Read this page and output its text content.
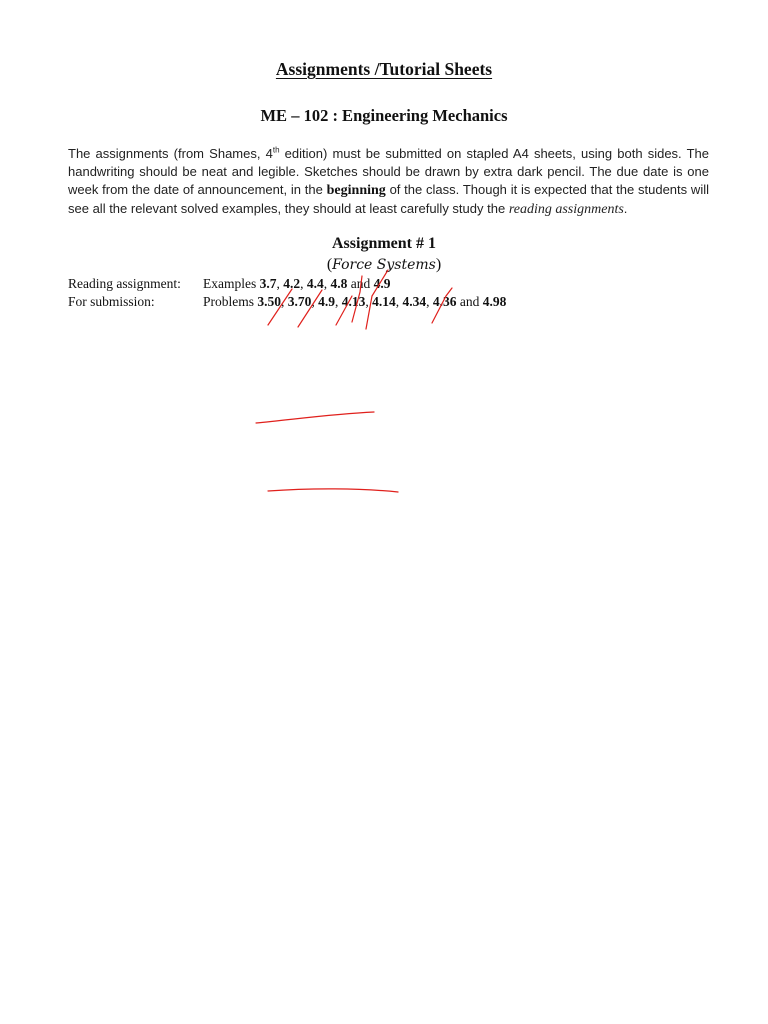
Assignments /Tutorial Sheets
ME – 102 : Engineering Mechanics
The assignments (from Shames, 4th edition) must be submitted on stapled A4 sheets, using both sides. The handwriting should be neat and legible. Sketches should be drawn by extra dark pencil. The due date is one week from the date of announcement, in the beginning of the class. Though it is expected that the students will see all the relevant solved examples, they should at least carefully study the reading assignments.
Assignment # 1
(Force Systems)
Reading assignment: Examples 3.7, 4.2, 4.4, 4.8 and 4.9
For submission:	Problems 3.50, 3.70, 4.9, 4.13, 4.14, 4.34, 4.36 and 4.98
